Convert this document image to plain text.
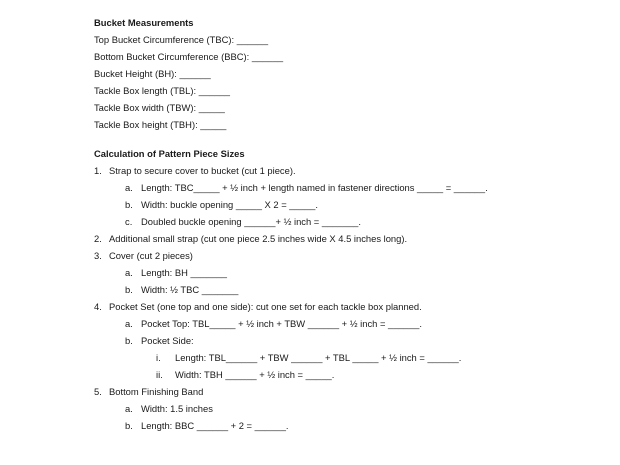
Bucket Measurements
Top Bucket Circumference (TBC): ______
Bottom Bucket Circumference (BBC): ______
Bucket Height (BH): ______
Tackle Box length (TBL): ______
Tackle Box width (TBW): _____
Tackle Box height (TBH): _____
Calculation of Pattern Piece Sizes
1. Strap to secure cover to bucket (cut 1 piece).
a. Length: TBC_____ + ½ inch + length named in fastener directions _____ = ______.
b. Width: buckle opening _____ X 2 = _____.
c. Doubled buckle opening ______+ ½ inch = _______.
2. Additional small strap (cut one piece 2.5 inches wide X 4.5 inches long).
3. Cover (cut 2 pieces)
a. Length: BH _______
b. Width: ½ TBC _______
4. Pocket Set (one top and one side): cut one set for each tackle box planned.
a. Pocket Top: TBL_____ + ½ inch + TBW ______ + ½ inch = ______.
b. Pocket Side:
i. Length: TBL______ + TBW ______ + TBL _____ + ½ inch = ______.
ii. Width: TBH ______ + ½ inch = _____.
5. Bottom Finishing Band
a. Width: 1.5 inches
b. Length: BBC ______ + 2 = ______.
